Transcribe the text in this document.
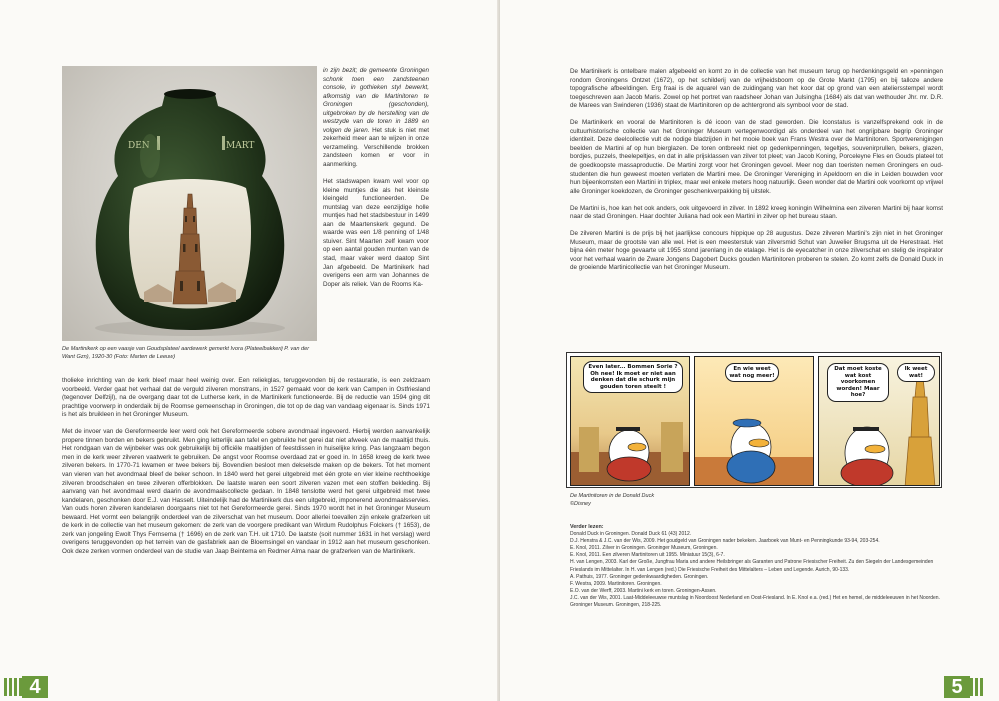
DEN	MART
De Martinikerk op een vaasje van Goudsplateel aardewerk gemerkt Ivora (Plateelbakkerij P. van der Want Gzn), 1920-30 (Foto: Marten de Leeuw)

in zijn bezit; de gemeente Groningen schonk toen een zandsteenen console, in gothieken styl bewerkt, afkomstig van de Martinitoren te Groningen (geschonden), uitgebroken by de herstelling van de westzyde van de toren in 1889 en volgen de jaren. Het stuk is niet met zekerheid meer aan te wijzen in onze verzameling. Verschillende brokken zandsteen komen er voor in aanmerking.

Het stadswapen kwam wel voor op kleine muntjes die als het kleinste kleingeld functioneerden. De muntslag van deze eenzijdige holle muntjes had het stadsbestuur in 1499 aan de Maartenskerk gegund. De waarde was een 1/8 penning of 1/48 stuiver. Sint Maarten zelf kwam voor op een aantal gouden munten van de stad, maar vaker werd daatop Sint Jan afgebeeld. De Martinikerk had overigens een arm van Johannes de Doper als reliek. Van de Rooms Ka-

tholieke inrichting van de kerk bleef maar heel weinig over. Een reliekglas, teruggevonden bij de restauratie, is een zeldzaam voorbeeld. Verder gaat het verhaal dat de verguld zilveren monstrans, in 1527 gemaakt voor de kerk van Campen in Ostfriesland (tegenover Delfzijl), na de overgang daar tot de Lutherse kerk, in de Martinikerk functioneerde. Bij de reductie van 1594 ging dit prachtige voorwerp in onderdaik bij de Roomse gemeenschap in Groningen, die tot op de dag van vandaag eigenaar is. Sinds 1971 is het als bruikleen in het Groninger Museum.

Met de invoer van de Gereformeerde leer werd ook het Gereformeerde sobere avondmaal ingevoerd. Hierbij werden aanvankelijk propere tinnen borden en bekers gebruikt. Men ging letterlijk aan tafel en gebruikte het gerei dat niet afweek van de maaltijd thuis. Het rondgaan van de wijnbeker was ook gebruikelijk bij officiële maaltijden of feestdissen in huiselijke kring. Pas langzaam begon men in de kerk weer zilveren vaatwerk te gebruiken. De angst voor Roomse overdaad zat er goed in. In 1658 kreeg de kerk twee zilveren bekers. In 1770-71 kwamen er twee bekers bij. Bovendien besloot men dekselsde maken op de bekers. Tot het moment van vieren van het avondmaal bleef de beker schoon. In 1840 werd het gerei uitgebreid met één grote en vier kleine rechthoekige zilveren broodschalen en twee zilveren offerblokken. De laatste waren een soort zilveren vazen met een stoffen bekleding. Bij aanvang van het avondmaal werd daarin de avondmaalscollecte gedaan. In 1848 tenslotte werd het gerei uitgebreid met twee kandelaren, geschonken door E.J. van Hasselt. Uiteindelijk had de Martinikerk dus een uitgebreid, imponerend avondmaalsservies. Van ouds horen zilveren kandelaren doorgaans niet tot het Gereformeerde gerei. Sinds 1970 wordt het in het Groninger Museum bewaard. Het vormt een belangrijk onderdeel van de zilverschat van het museum. Door allerlei toevallen zijn enkele grafzerken uit de kerk in de collectie van het museum gekomen: de zerk van de voorgere predikant van Wirdum Rudolphus Folckers († 1653), de zerk van jongeling Ewolt Thys Fernsema († 1696) en de zerk van T.H. uit 1710. De laatste (soit nummer 1631 in het verslag) werd overigens teruggevonden op het terrein van de gasfabriek aan de Bloemsingel en vandaar in 1912 aan het museum geschonken. Ook deze zerken vormen onderdeel van de studie van Jaap Beintema en Redmer Alma naar de grafzerken van de Martinikerk.

4

De Martinikerk is ontelbare malen afgebeeld en komt zo in de collectie van het museum terug op herdenkingsgeld en »penningen rondom Groningens Ontzet (1672), op het schilderij van de vrijheidsboom op de Grote Markt (1795) en bij talloze andere topografische afbeeldingen. Erg fraai is de aquarel van de zuidingang van het koor dat op grond van een ateliersstempel wordt toegeschreven aan Jacob Maris. Zowel op het portret van raadsheer Johan van Julsingha (1684) als dat van wethouder Jhr. mr. D.R. de Marees van Swinderen (1936) staat de Martinitoren op de achtergrond als symbool voor de stad.

De Martinikerk en vooral de Martinitoren is dé icoon van de stad geworden. Die Iconstatus is vanzelfsprekend ook in de cultuurhistorische collectie van het Groninger Museum vertegenwoordigd als onderdeel van het ongrijpbare begrip Groninger identiteit. Deze deelcollectie vult de nodige bladzijden in het mooie boek van Frans Westra over de Martinitoren. Sportverenigingen beelden de Martini af op hun bierglazen. De toren ontbreekt niet op gedenkpenningen, tegeltjes, souvenirprullen, bekers, glazen, bordjes, puzzels, theelepeltjes, en dat in alle prijsklassen van zilver tot pleet; van Jacob Koning, Porceleyne Fles en Gouds plateel tot de goedkoopste massaproductie. De Martini zorgt voor het Groningen gevoel. Meer nog dan toeristen nemen Groningers en oud-studenten die hun geweest moeten verlaten de Martini mee. De Groninger Vereniging in Apeldoorn en die in Leiden bouwden voor hun bijeenkomsten een Martini in triplex, maar wel enkele meters hoog natuurlijk. Geen wonder dat de Martini ook voorkomt op vrijwel alle Groninger koekdozen, de Groninger geschenkverpakking bij uitstek.

De Martini is, hoe kan het ook anders, ook uitgevoerd in zilver. In 1892 kreeg koningin Wilhelmina een zilveren Martini bij haar komst naar de stad Groningen. Haar dochter Juliana had ook een Martini in zilver op het bureau staan.

De zilveren Martini is de prijs bij het jaarlijkse concours hippique op 28 augustus. Deze zilveren Martini's zijn niet in het Groninger Museum, maar de grootste van alle wel. Het is een meesterstuk van zilversmid Schut van Juwelier Brugsma uit de Herestraat. Het bijna één meter hoge gevaarte uit 1955 stond jarenlang in de etalage. Het is de eyecatcher in onze zilverschat en stelig de inspirator voor het verhaal waarin de Zware Jongens Dagobert Ducks gouden Martinitoren proberen te stelen. Zo komt zelfs de Donald Duck in de groeiende Martinicollectie van het Groninger Museum.

Even later... Bommen Sorie ? Oh nee! Ik moet er niet aan denken dat die schurk mijn gouden toren steelt !
En wie weet wat nog meer!
Dat moet koste wat kost voorkomen worden! Maar hoe?
Ik weet wat!
De Martinitoren in de Donald Duck
©Disney
Verder lezen:
Donald Duck in Groningen. Donald Duck 61 (43) 2012.
D.J. Henstra & J.C. van der Wis, 2009. Het goudgeld van Groningen nader bekeken. Jaarboek van Munt- en Penningkunde 93-94, 203-254.
E. Knol, 2011. Zilver in Groningen. Groninger Museum, Groningen.
E. Knol, 2011. Een zilveren Martinitoren uit 1955. Miniatuur 15(3), 6-7.
H. van Lengen, 2003. Karl der Große, Jungfrau Maria und andere Heilsbringer als Garanten und Patrone Friesischer Freiheit. Zu den Siegeln der Landesgemeinden Frieslands im Mittelalter. In H. van Lengen (red.) Die Friesische Freiheit des Mittelalters – Leben und Legende. Aurich, 90-133.
A. Pathuis, 1977. Groninger gedenkwaardigheden. Groningen.
F. Westra, 2009. Martinitoren. Groningen.
E.O. van der Werff, 2003. Martini kerk en toren. Groningen-Assen.
J.C. van der Wis, 2001. Laat-Middeleeuwse muntslag in Noordoost Nederland en Oost-Friesland. In E. Knol e.a. (red.) Het en hemel, de middeleeuwen in het Noorden. Groninger Museum. Groningen, 218-225.
5
